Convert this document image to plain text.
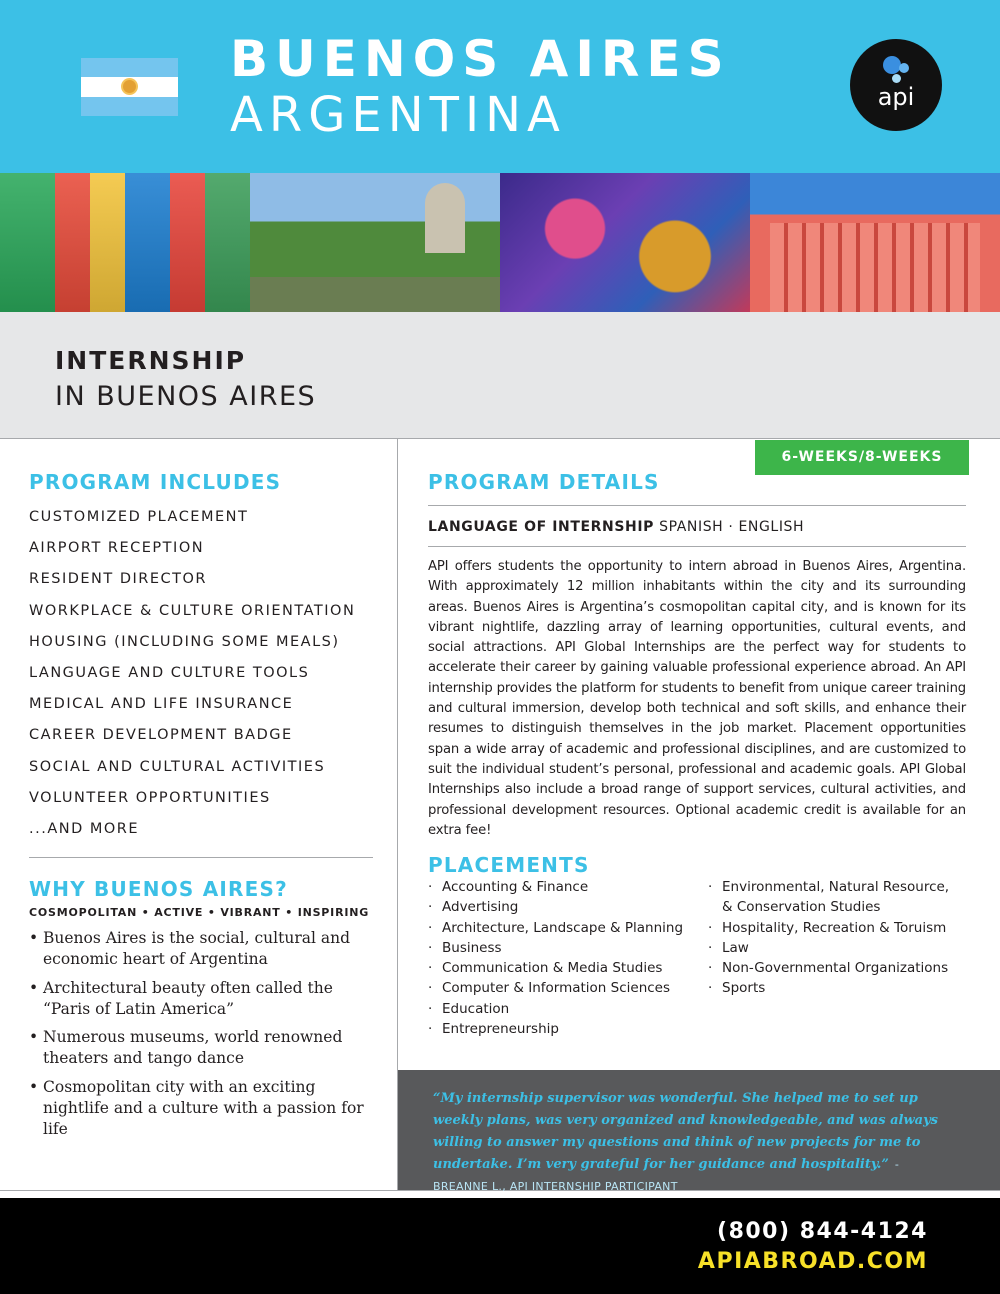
BUENOS AIRES
ARGENTINA	api
INTERNSHIP
IN BUENOS AIRES
PROGRAM INCLUDES
CUSTOMIZED PLACEMENT
AIRPORT RECEPTION
RESIDENT DIRECTOR
WORKPLACE & CULTURE ORIENTATION
HOUSING (INCLUDING SOME MEALS)
LANGUAGE AND CULTURE TOOLS
MEDICAL AND LIFE INSURANCE
CAREER DEVELOPMENT BADGE
SOCIAL AND CULTURAL ACTIVITIES
VOLUNTEER OPPORTUNITIES
...AND MORE
WHY BUENOS AIRES?
COSMOPOLITAN • ACTIVE • VIBRANT • INSPIRING
• Buenos Aires is the social, cultural and economic heart of Argentina
• Architectural beauty often called the “Paris of Latin America”
• Numerous museums, world renowned theaters and tango dance
• Cosmopolitan city with an exciting nightlife and a culture with a passion for life
6-WEEKS/8-WEEKS
PROGRAM DETAILS
LANGUAGE OF INTERNSHIP SPANISH · ENGLISH
API offers students the opportunity to intern abroad in Buenos Aires, Argentina. With approximately 12 million inhabitants within the city and its surrounding areas. Buenos Aires is Argentina’s cosmopolitan capital city, and is known for its vibrant nightlife, dazzling array of learning opportunities, cultural events, and social attractions. API Global Internships are the perfect way for students to accelerate their career by gaining valuable professional experience abroad. An API internship provides the platform for students to benefit from unique career training and cultural immersion, develop both technical and soft skills, and enhance their resumes to distinguish themselves in the job market. Placement opportunities span a wide array of academic and professional disciplines, and are customized to suit the individual student’s personal, professional and academic goals. API Global Internships also include a broad range of support services, cultural activities, and professional development resources. Optional academic credit is available for an extra fee!
PLACEMENTS
· Accounting & Finance
· Advertising
· Architecture, Landscape & Planning
· Business
· Communication & Media Studies
· Computer & Information Sciences
· Education
· Entrepreneurship
· Environmental, Natural Resource,
& Conservation Studies
· Hospitality, Recreation & Toruism
· Law
· Non-Governmental Organizations
· Sports
“My internship supervisor was wonderful. She helped me to set up weekly plans, was very organized and knowledgeable, and was always willing to answer my questions and think of new projects for me to undertake. I’m very grateful for her guidance and hospitality.” - BREANNE L., API INTERNSHIP PARTICIPANT
(800) 844-4124
APIABROAD.COM
